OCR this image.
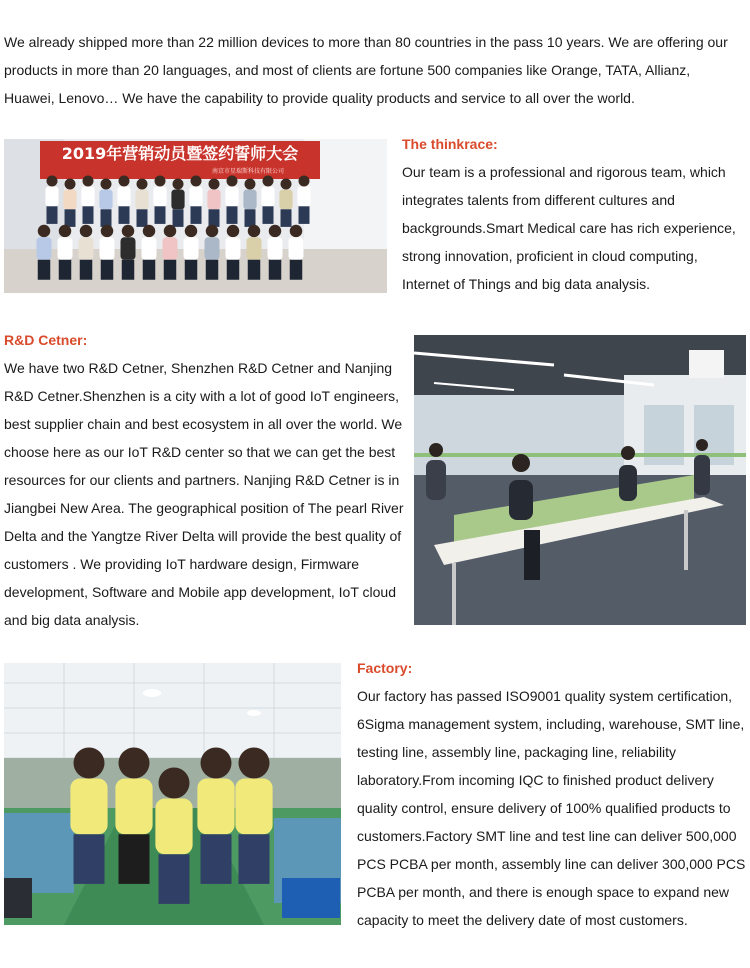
We already shipped more than 22 million devices to more than 80 countries in the pass 10 years. We are offering our products in more than 20 languages, and most of clients are fortune 500 companies like Orange, TATA, Allianz, Huawei, Lenovo… We have the capability to provide quality products and service to all over the world.

2019年营销动员暨签约誓师大会
南京市星瑞斯科技有限公司
The thinkrace:

Our team is a professional and rigorous team, which integrates talents from different cultures and backgrounds.Smart Medical care has rich experience, strong innovation, proficient in cloud computing, Internet of Things and big data analysis.

R&D Cetner:

We have two R&D Cetner, Shenzhen R&D Cetner and Nanjing R&D Cetner.Shenzhen is a city with a lot of good IoT engineers, best supplier chain and best ecosystem in all over the world. We choose here as our IoT R&D center so that we can get the best resources for our clients and partners. Nanjing R&D Cetner is in Jiangbei New Area. The geographical position of The pearl River Delta and the Yangtze River Delta will provide the best quality of customers . We providing IoT hardware design, Firmware development, Software and Mobile app development, IoT cloud and big data analysis.

Factory:

Our factory has passed ISO9001 quality system certification, 6Sigma management system, including, warehouse, SMT line, testing line, assembly line, packaging line, reliability laboratory.From incoming IQC to finished product delivery quality control, ensure delivery of 100% qualified products to customers.Factory SMT line and test line can deliver 500,000 PCS PCBA per month, assembly line can deliver 300,000 PCS PCBA per month, and there is enough space to expand new capacity to meet the delivery date of most customers.
